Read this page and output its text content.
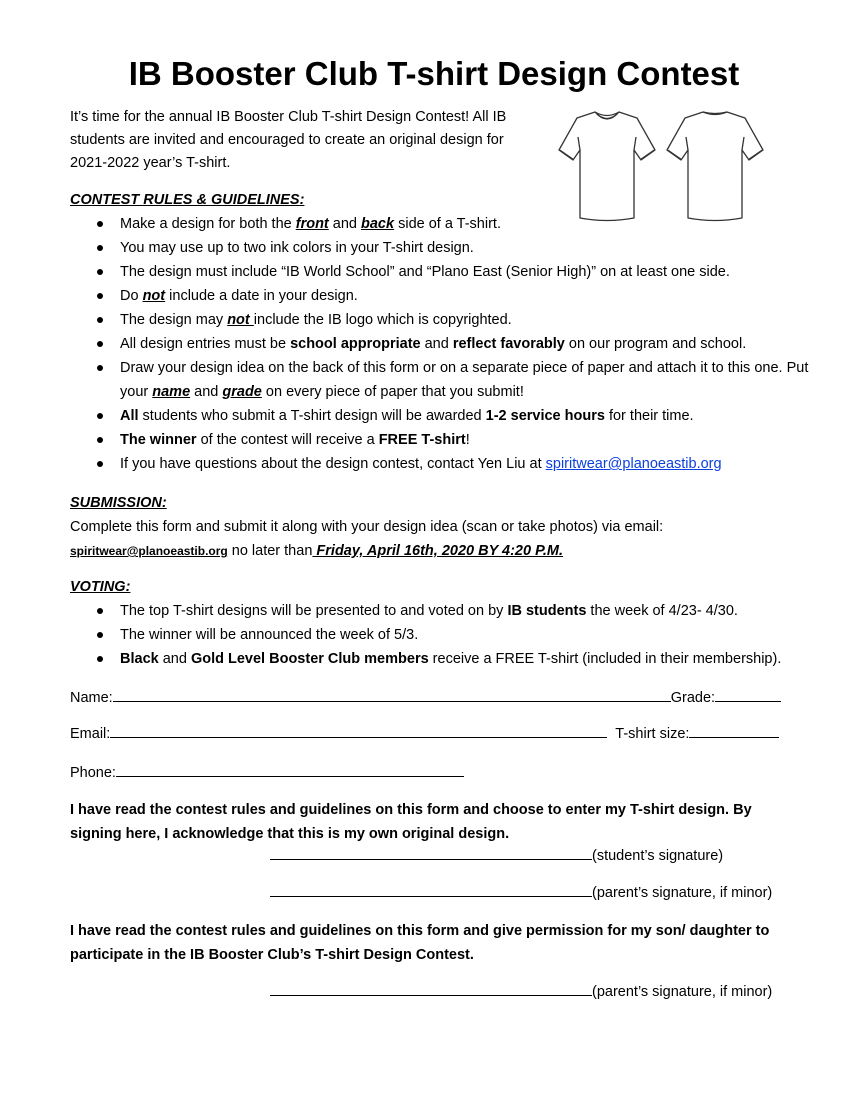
IB Booster Club T-shirt Design Contest
It’s time for the annual IB Booster Club T-shirt Design Contest! All IB
students are invited and encouraged to create an original design for
2021-2022 year’s T-shirt.
CONTEST RULES & GUIDELINES:
Make a design for both the front and back side of a T-shirt.
You may use up to two ink colors in your T-shirt design.
The design must include “IB World School” and “Plano East (Senior High)” on at least one side.
Do not include a date in your design.
The design may not include the IB logo which is copyrighted.
All design entries must be school appropriate and reflect favorably on our program and school.
Draw your design idea on the back of this form or on a separate piece of paper and attach it to this one. Put your name and grade on every piece of paper that you submit!
All students who submit a T-shirt design will be awarded 1-2 service hours for their time.
The winner of the contest will receive a FREE T-shirt!
If you have questions about the design contest, contact Yen Liu at spiritwear@planoeastib.org
SUBMISSION:
Complete this form and submit it along with your design idea (scan or take photos) via email:
spiritwear@planoeastib.org no later than Friday, April 16th, 2020 BY 4:20 P.M.
VOTING:
The top T-shirt designs will be presented to and voted on by IB students the week of 4/23- 4/30.
The winner will be announced the week of 5/3.
Black and Gold Level Booster Club members receive a FREE T-shirt (included in their membership).
Name:	Grade:
Email:	T-shirt size:
Phone:
I have read the contest rules and guidelines on this form and choose to enter my T-shirt design. By signing here, I acknowledge that this is my own original design.
(student’s signature)
(parent’s signature, if minor)
I have read the contest rules and guidelines on this form and give permission for my son/ daughter to participate in the IB Booster Club’s T-shirt Design Contest.
(parent’s signature, if minor)
